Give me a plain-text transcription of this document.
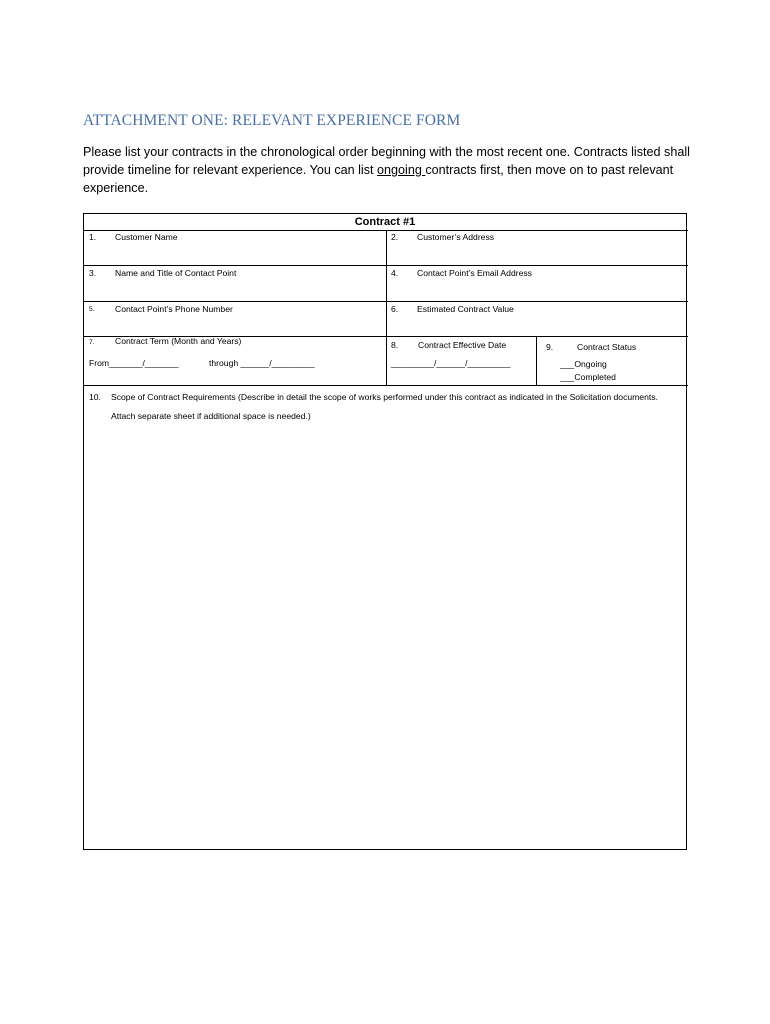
ATTACHMENT ONE: RELEVANT EXPERIENCE FORM

Please list your contracts in the chronological order beginning with the most recent one. Contracts listed shall provide timeline for relevant experience. You can list ongoing contracts first, then move on to past relevant experience.

Contract #1
1. Customer Name	2. Customer’s Address
3. Name and Title of Contact Point	4. Contact Point’s Email Address
5. Contact Point’s Phone Number	6. Estimated Contract Value
7. Contract Term (Month and Years)
From_______/_______	through ______/_________
8. Contract Effective Date
_________/______/_________
9.	Contract Status
___Ongoing
___Completed
10. Scope of Contract Requirements (Describe in detail the scope of works performed under this contract as indicated in the Solicitation documents. Attach separate sheet if additional space is needed.)
